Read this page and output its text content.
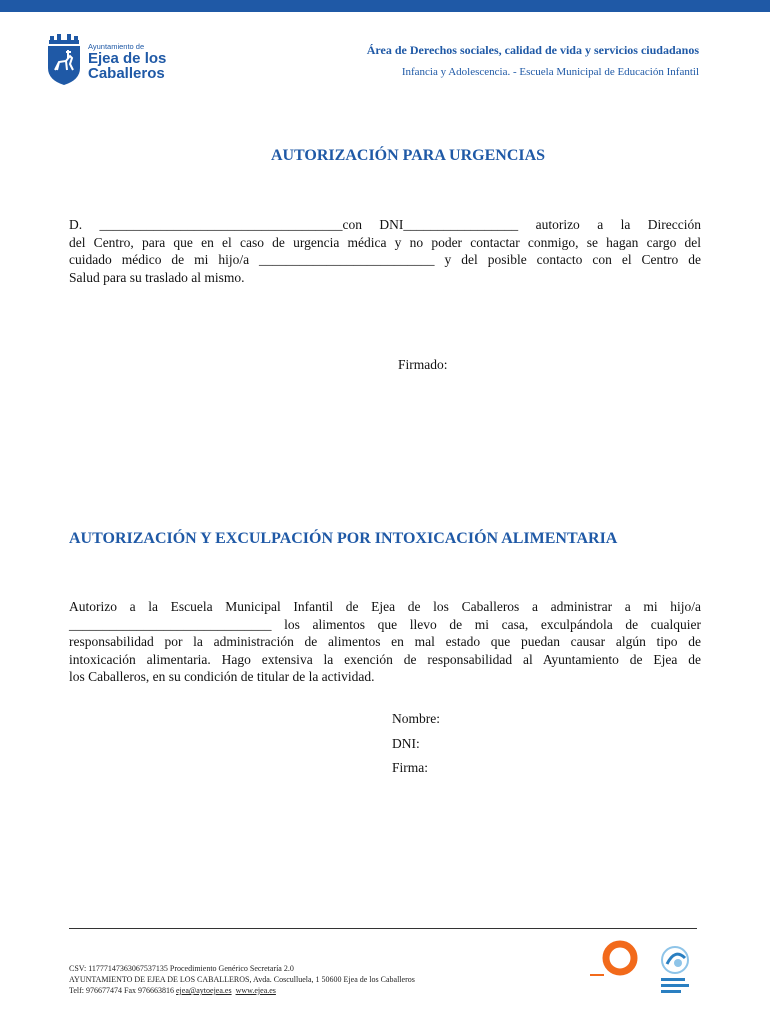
Ayuntamiento de
Ejea de los
Caballeros
Área de Derechos sociales, calidad de vida y servicios ciudadanos
Infancia y Adolescencia. - Escuela Municipal de Educación Infantil
AUTORIZACIÓN PARA URGENCIAS
D. ____________________________________con DNI_________________ autorizo a la Dirección
del Centro, para que en el caso de urgencia médica y no poder contactar conmigo, se hagan cargo del
cuidado médico de mi hijo/a __________________________ y del posible contacto con el Centro de
Salud para su traslado al mismo.
Firmado:
AUTORIZACIÓN Y EXCULPACIÓN POR INTOXICACIÓN ALIMENTARIA
Autorizo a la Escuela Municipal Infantil de Ejea de los Caballeros a administrar a mi hijo/a
______________________________ los alimentos que llevo de mi casa, exculpándola de cualquier
responsabilidad por la administración de alimentos en mal estado que puedan causar algún tipo de
intoxicación alimentaria. Hago extensiva la exención de responsabilidad al Ayuntamiento de Ejea de
los Caballeros, en su condición de titular de la actividad.
Nombre:
DNI:
Firma:
CSV: 11777147363067537135 Procedimiento Genérico Secretaría 2.0
AYUNTAMIENTO DE EJEA DE LOS CABALLEROS, Avda. Cosculluela, 1 50600 Ejea de los Caballeros
Telf: 976677474 Fax 976663816 ejea@aytoejea.es www.ejea.es
